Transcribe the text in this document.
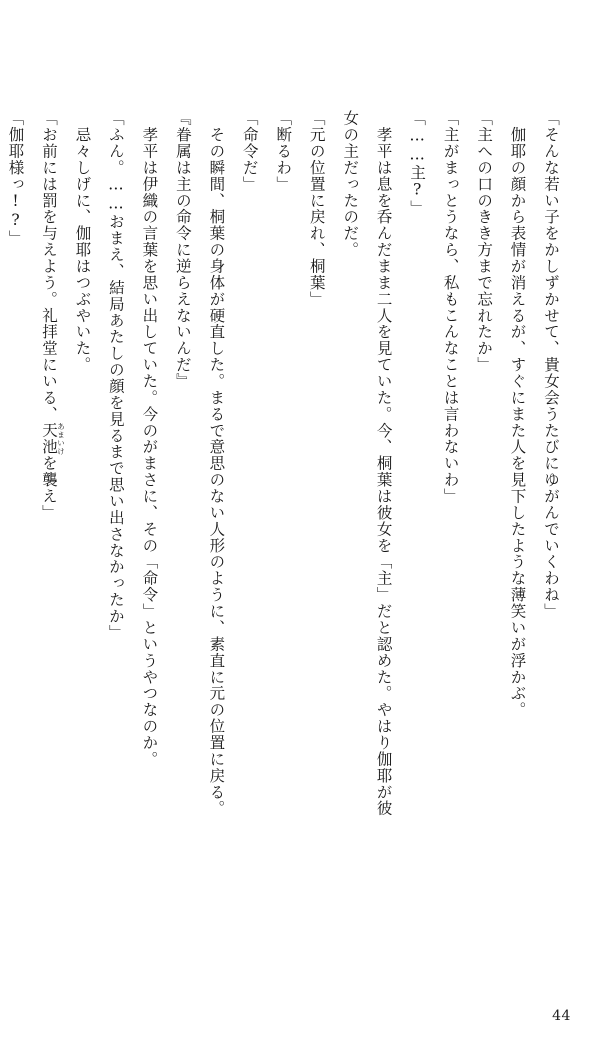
「そんな若い子をかしずかせて、貴女会うたびにゆがんでいくわね」

　伽耶の顔から表情が消えるが、すぐにまた人を見下したような薄笑いが浮かぶ。

「主への口のきき方まで忘れたか」

「主がまっとうなら、私もこんなことは言わないわ」

「……主?」

　孝平は息を呑んだまま二人を見ていた。今、桐葉は彼女を「主」だと認めた。やはり伽耶が彼

女の主だったのだ。

「元の位置に戻れ、桐葉」

「断るわ」

「命令だ」

　その瞬間、桐葉の身体が硬直した。まるで意思のない人形のように、素直に元の位置に戻る。

『眷属は主の命令に逆らえないんだ』

　孝平は伊織の言葉を思い出していた。今のがまさに、その「命令」というやつなのか。

「ふん。……おまえ、結局あたしの顔を見るまで思い出さなかったか」

　忌々しげに、伽耶はつぶやいた。

「お前には罰を与えよう。礼拝堂にいる、天池あまいけを襲え」

「伽耶様っ!?」

44
